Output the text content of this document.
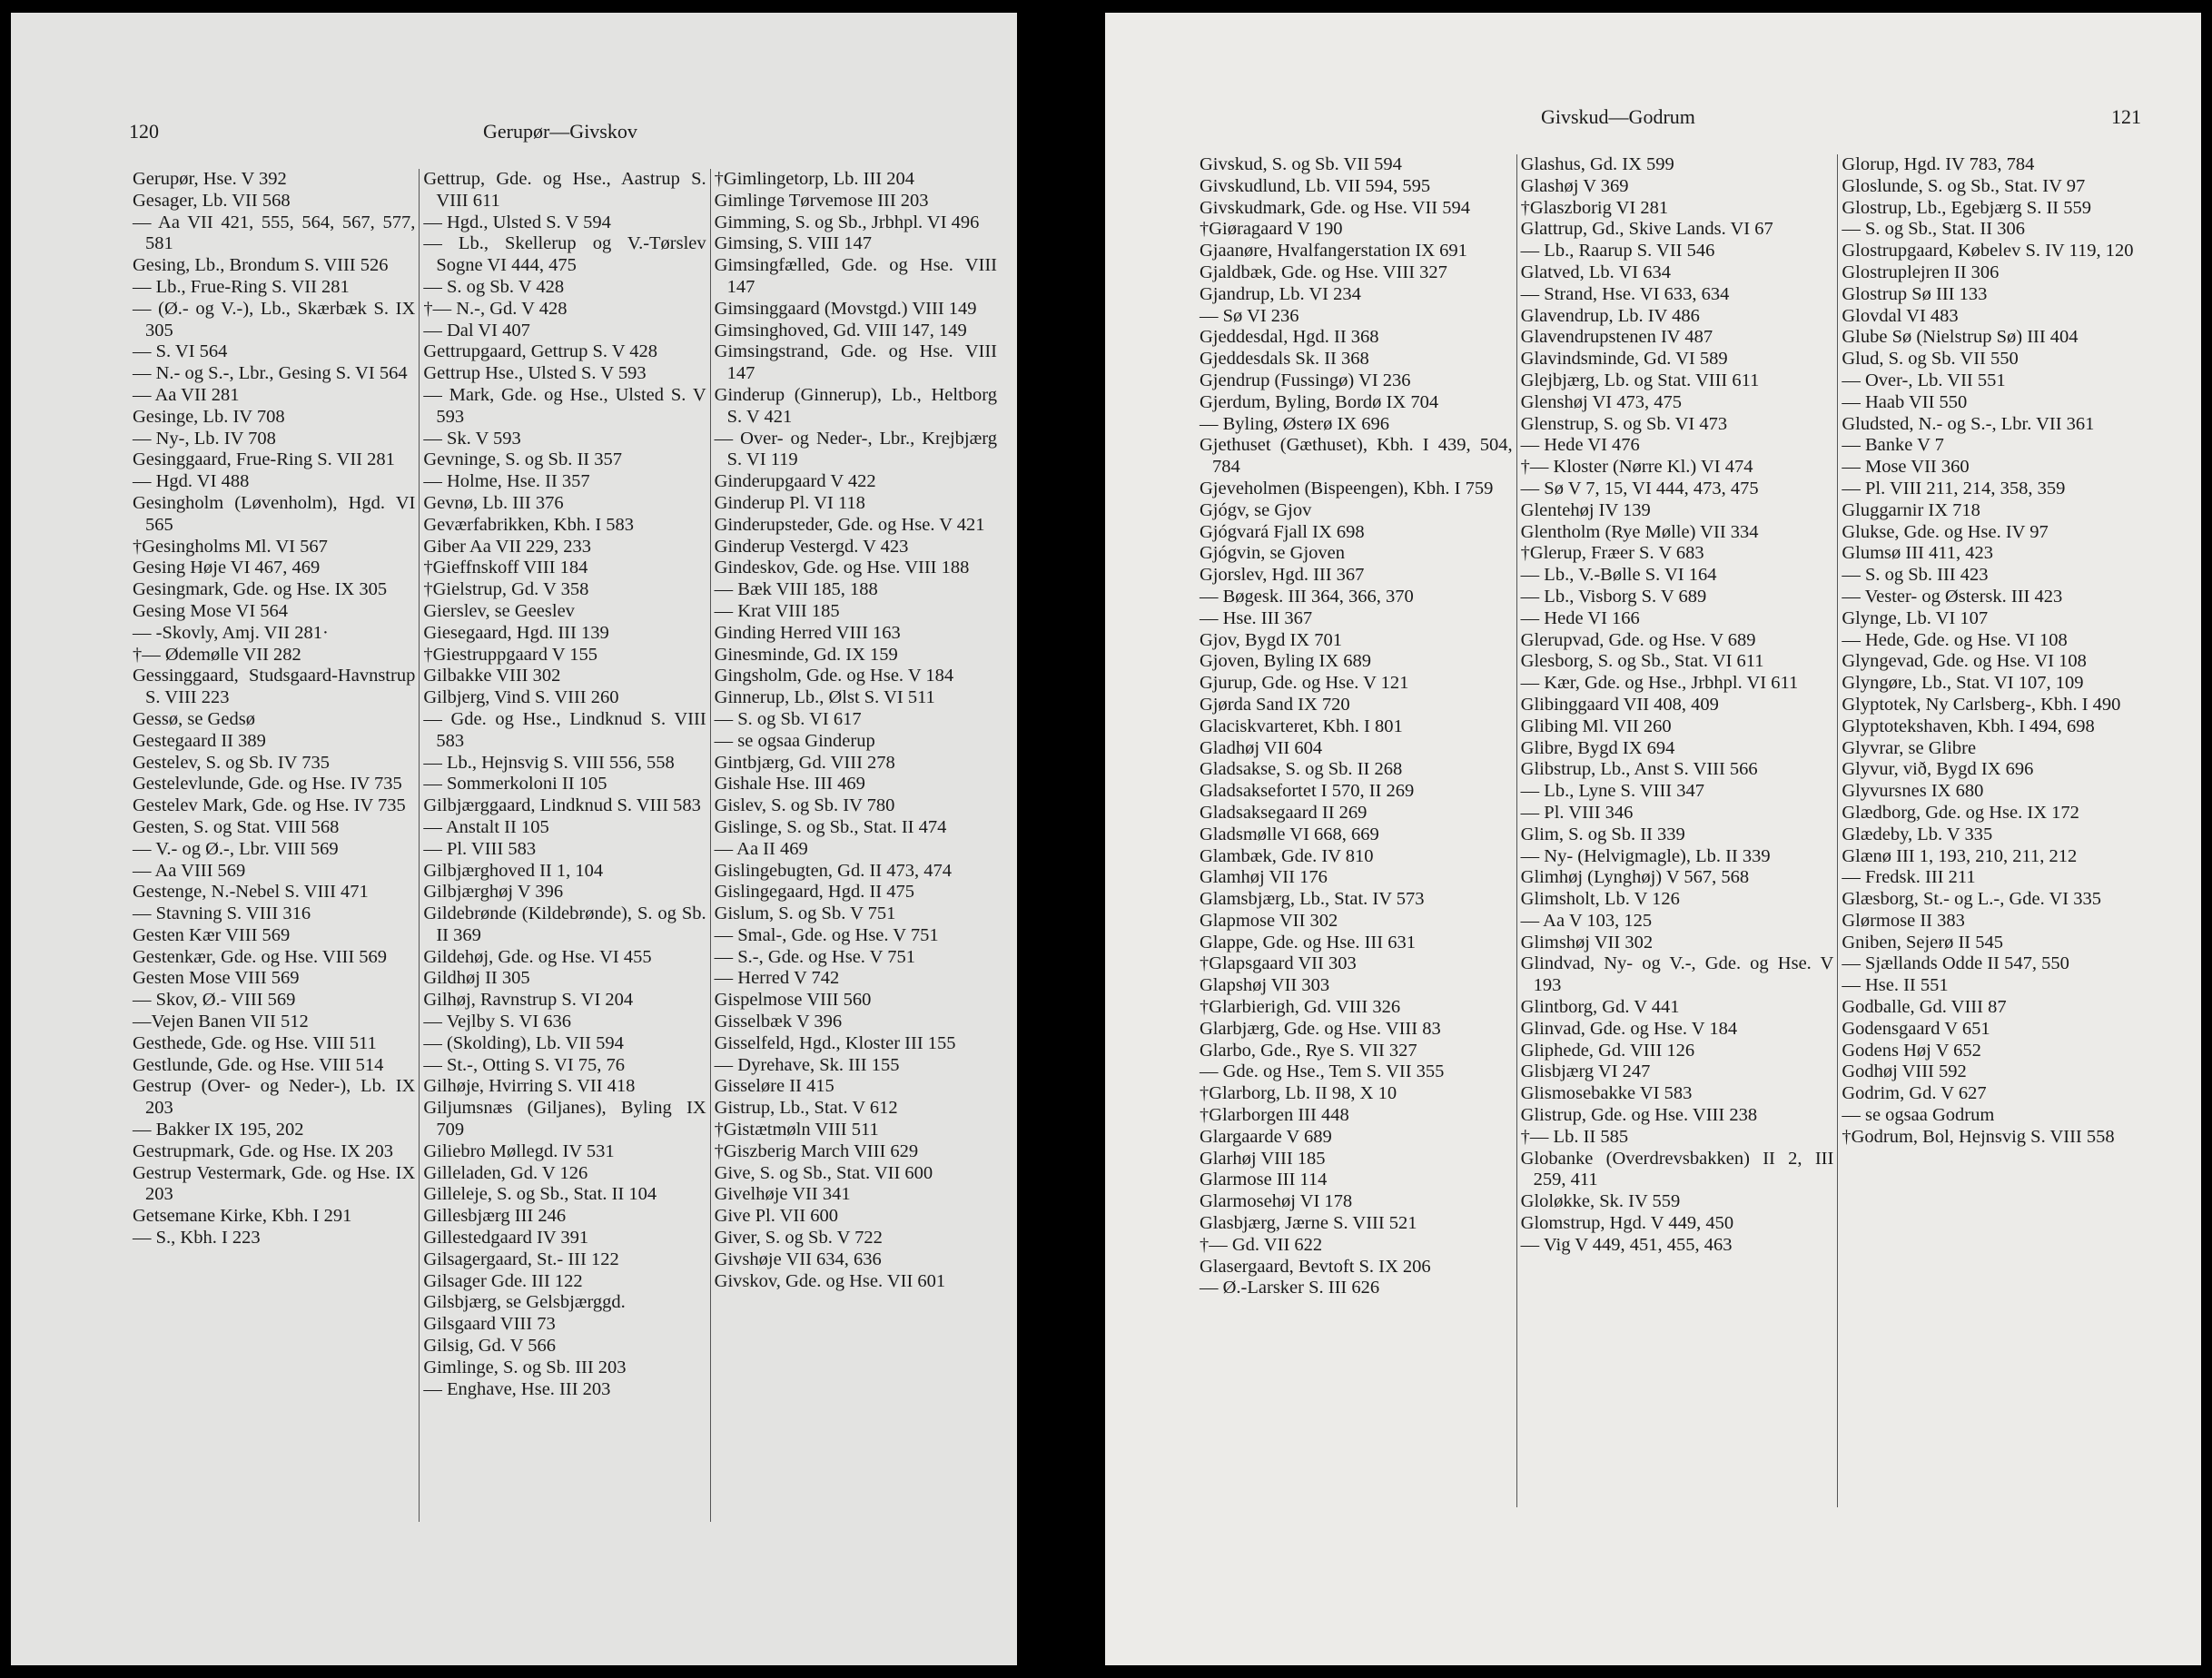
120	Gerupør—Givskov
Gerupør, Hse. V 392
Gesager, Lb. VII 568
— Aa VII 421, 555, 564, 567, 577, 581
Gesing, Lb., Brondum S. VIII 526
— Lb., Frue-Ring S. VII 281
— (Ø.- og V.-), Lb., Skærbæk S. IX 305
— S. VI 564
— N.- og S.-, Lbr., Gesing S. VI 564
— Aa VII 281
Gesinge, Lb. IV 708
— Ny-, Lb. IV 708
Gesinggaard, Frue-Ring S. VII 281
— Hgd. VI 488
Gesingholm (Løvenholm), Hgd. VI 565
†Gesingholms Ml. VI 567
Gesing Høje VI 467, 469
Gesingmark, Gde. og Hse. IX 305
Gesing Mose VI 564
— -Skovly, Amj. VII 281·
†— Ødemølle VII 282
Gessinggaard, Studsgaard-Havnstrup S. VIII 223
Gessø, se Gedsø
Gestegaard II 389
Gestelev, S. og Sb. IV 735
Gestelevlunde, Gde. og Hse. IV 735
Gestelev Mark, Gde. og Hse. IV 735
Gesten, S. og Stat. VIII 568
— V.- og Ø.-, Lbr. VIII 569
— Aa VIII 569
Gestenge, N.-Nebel S. VIII 471
— Stavning S. VIII 316
Gesten Kær VIII 569
Gestenkær, Gde. og Hse. VIII 569
Gesten Mose VIII 569
— Skov, Ø.- VIII 569
—Vejen Banen VII 512
Gesthede, Gde. og Hse. VIII 511
Gestlunde, Gde. og Hse. VIII 514
Gestrup (Over- og Neder-), Lb. IX 203
— Bakker IX 195, 202
Gestrupmark, Gde. og Hse. IX 203
Gestrup Vestermark, Gde. og Hse. IX 203
Getsemane Kirke, Kbh. I 291
— S., Kbh. I 223
Gettrup, Gde. og Hse., Aastrup S. VIII 611
— Hgd., Ulsted S. V 594
— Lb., Skellerup og V.-Tørslev Sogne VI 444, 475
— S. og Sb. V 428
†— N.-, Gd. V 428
— Dal VI 407
Gettrupgaard, Gettrup S. V 428
Gettrup Hse., Ulsted S. V 593
— Mark, Gde. og Hse., Ulsted S. V 593
— Sk. V 593
Gevninge, S. og Sb. II 357
— Holme, Hse. II 357
Gevnø, Lb. III 376
Geværfabrikken, Kbh. I 583
Giber Aa VII 229, 233
†Gieffnskoff VIII 184
†Gielstrup, Gd. V 358
Gierslev, se Geeslev
Giesegaard, Hgd. III 139
†Giestruppgaard V 155
Gilbakke VIII 302
Gilbjerg, Vind S. VIII 260
— Gde. og Hse., Lindknud S. VIII 583
— Lb., Hejnsvig S. VIII 556, 558
— Sommerkoloni II 105
Gilbjærggaard, Lindknud S. VIII 583
— Anstalt II 105
— Pl. VIII 583
Gilbjærghoved II 1, 104
Gilbjærghøj V 396
Gildebrønde (Kildebrønde), S. og Sb. II 369
Gildehøj, Gde. og Hse. VI 455
Gildhøj II 305
Gilhøj, Ravnstrup S. VI 204
— Vejlby S. VI 636
— (Skolding), Lb. VII 594
— St.-, Otting S. VI 75, 76
Gilhøje, Hvirring S. VII 418
Giljumsnæs (Giljanes), Byling IX 709
Giliebro Møllegd. IV 531
Gilleladen, Gd. V 126
Gilleleje, S. og Sb., Stat. II 104
Gillesbjærg III 246
Gillestedgaard IV 391
Gilsagergaard, St.- III 122
Gilsager Gde. III 122
Gilsbjærg, se Gelsbjærggd.
Gilsgaard VIII 73
Gilsig, Gd. V 566
Gimlinge, S. og Sb. III 203
— Enghave, Hse. III 203
†Gimlingetorp, Lb. III 204
Gimlinge Tørvemose III 203
Gimming, S. og Sb., Jrbhpl. VI 496
Gimsing, S. VIII 147
Gimsingfælled, Gde. og Hse. VIII 147
Gimsinggaard (Movstgd.) VIII 149
Gimsinghoved, Gd. VIII 147, 149
Gimsingstrand, Gde. og Hse. VIII 147
Ginderup (Ginnerup), Lb., Heltborg S. V 421
— Over- og Neder-, Lbr., Krejbjærg S. VI 119
Ginderupgaard V 422
Ginderup Pl. VI 118
Ginderupsteder, Gde. og Hse. V 421
Ginderup Vestergd. V 423
Gindeskov, Gde. og Hse. VIII 188
— Bæk VIII 185, 188
— Krat VIII 185
Ginding Herred VIII 163
Ginesminde, Gd. IX 159
Gingsholm, Gde. og Hse. V 184
Ginnerup, Lb., Ølst S. VI 511
— S. og Sb. VI 617
— se ogsaa Ginderup
Gintbjærg, Gd. VIII 278
Gishale Hse. III 469
Gislev, S. og Sb. IV 780
Gislinge, S. og Sb., Stat. II 474
— Aa II 469
Gislingebugten, Gd. II 473, 474
Gislingegaard, Hgd. II 475
Gislum, S. og Sb. V 751
— Smal-, Gde. og Hse. V 751
— S.-, Gde. og Hse. V 751
— Herred V 742
Gispelmose VIII 560
Gisselbæk V 396
Gisselfeld, Hgd., Kloster III 155
— Dyrehave, Sk. III 155
Gisseløre II 415
Gistrup, Lb., Stat. V 612
†Gistætmøln VIII 511
†Giszberig March VIII 629
Give, S. og Sb., Stat. VII 600
Givelhøje VII 341
Give Pl. VII 600
Giver, S. og Sb. V 722
Givshøje VII 634, 636
Givskov, Gde. og Hse. VII 601
Givskud—Godrum	121
Givskud, S. og Sb. VII 594
Givskudlund, Lb. VII 594, 595
Givskudmark, Gde. og Hse. VII 594
†Giøragaard V 190
Gjaanøre, Hvalfangerstation IX 691
Gjaldbæk, Gde. og Hse. VIII 327
Gjandrup, Lb. VI 234
— Sø VI 236
Gjeddesdal, Hgd. II 368
Gjeddesdals Sk. II 368
Gjendrup (Fussingø) VI 236
Gjerdum, Byling, Bordø IX 704
— Byling, Østerø IX 696
Gjethuset (Gæthuset), Kbh. I 439, 504, 784
Gjeveholmen (Bispeengen), Kbh. I 759
Gjógv, se Gjov
Gjógvará Fjall IX 698
Gjógvin, se Gjoven
Gjorslev, Hgd. III 367
— Bøgesk. III 364, 366, 370
— Hse. III 367
Gjov, Bygd IX 701
Gjoven, Byling IX 689
Gjurup, Gde. og Hse. V 121
Gjørda Sand IX 720
Glaciskvarteret, Kbh. I 801
Gladhøj VII 604
Gladsakse, S. og Sb. II 268
Gladsaksefortet I 570, II 269
Gladsaksegaard II 269
Gladsmølle VI 668, 669
Glambæk, Gde. IV 810
Glamhøj VII 176
Glamsbjærg, Lb., Stat. IV 573
Glapmose VII 302
Glappe, Gde. og Hse. III 631
†Glapsgaard VII 303
Glapshøj VII 303
†Glarbierigh, Gd. VIII 326
Glarbjærg, Gde. og Hse. VIII 83
Glarbo, Gde., Rye S. VII 327
— Gde. og Hse., Tem S. VII 355
†Glarborg, Lb. II 98, X 10
†Glarborgen III 448
Glargaarde V 689
Glarhøj VIII 185
Glarmose III 114
Glarmosehøj VI 178
Glasbjærg, Jærne S. VIII 521
†— Gd. VII 622
Glasergaard, Bevtoft S. IX 206
— Ø.-Larsker S. III 626
Glashus, Gd. IX 599
Glashøj V 369
†Glaszborig VI 281
Glattrup, Gd., Skive Lands. VI 67
— Lb., Raarup S. VII 546
Glatved, Lb. VI 634
— Strand, Hse. VI 633, 634
Glavendrup, Lb. IV 486
Glavendrupstenen IV 487
Glavindsminde, Gd. VI 589
Glejbjærg, Lb. og Stat. VIII 611
Glenshøj VI 473, 475
Glenstrup, S. og Sb. VI 473
— Hede VI 476
†— Kloster (Nørre Kl.) VI 474
— Sø V 7, 15, VI 444, 473, 475
Glentehøj IV 139
Glentholm (Rye Mølle) VII 334
†Glerup, Fræer S. V 683
— Lb., V.-Bølle S. VI 164
— Lb., Visborg S. V 689
— Hede VI 166
Glerupvad, Gde. og Hse. V 689
Glesborg, S. og Sb., Stat. VI 611
— Kær, Gde. og Hse., Jrbhpl. VI 611
Glibinggaard VII 408, 409
Glibing Ml. VII 260
Glibre, Bygd IX 694
Glibstrup, Lb., Anst S. VIII 566
— Lb., Lyne S. VIII 347
— Pl. VIII 346
Glim, S. og Sb. II 339
— Ny- (Helvigmagle), Lb. II 339
Glimhøj (Lynghøj) V 567, 568
Glimsholt, Lb. V 126
— Aa V 103, 125
Glimshøj VII 302
Glindvad, Ny- og V.-, Gde. og Hse. V 193
Glintborg, Gd. V 441
Glinvad, Gde. og Hse. V 184
Gliphede, Gd. VIII 126
Glisbjærg VI 247
Glismosebakke VI 583
Glistrup, Gde. og Hse. VIII 238
†— Lb. II 585
Globanke (Overdrevsbakken) II 2, III 259, 411
Gloløkke, Sk. IV 559
Glomstrup, Hgd. V 449, 450
— Vig V 449, 451, 455, 463
Glorup, Hgd. IV 783, 784
Gloslunde, S. og Sb., Stat. IV 97
Glostrup, Lb., Egebjærg S. II 559
— S. og Sb., Stat. II 306
Glostrupgaard, Købelev S. IV 119, 120
Glostruplejren II 306
Glostrup Sø III 133
Glovdal VI 483
Glube Sø (Nielstrup Sø) III 404
Glud, S. og Sb. VII 550
— Over-, Lb. VII 551
— Haab VII 550
Gludsted, N.- og S.-, Lbr. VII 361
— Banke V 7
— Mose VII 360
— Pl. VIII 211, 214, 358, 359
Gluggarnir IX 718
Glukse, Gde. og Hse. IV 97
Glumsø III 411, 423
— S. og Sb. III 423
— Vester- og Østersk. III 423
Glynge, Lb. VI 107
— Hede, Gde. og Hse. VI 108
Glyngevad, Gde. og Hse. VI 108
Glyngøre, Lb., Stat. VI 107, 109
Glyptotek, Ny Carlsberg-, Kbh. I 490
Glyptotekshaven, Kbh. I 494, 698
Glyvrar, se Glibre
Glyvur, við, Bygd IX 696
Glyvursnes IX 680
Glædborg, Gde. og Hse. IX 172
Glædeby, Lb. V 335
Glænø III 1, 193, 210, 211, 212
— Fredsk. III 211
Glæsborg, St.- og L.-, Gde. VI 335
Glørmose II 383
Gniben, Sejerø II 545
— Sjællands Odde II 547, 550
— Hse. II 551
Godballe, Gd. VIII 87
Godensgaard V 651
Godens Høj V 652
Godhøj VIII 592
Godrim, Gd. V 627
— se ogsaa Godrum
†Godrum, Bol, Hejnsvig S. VIII 558
